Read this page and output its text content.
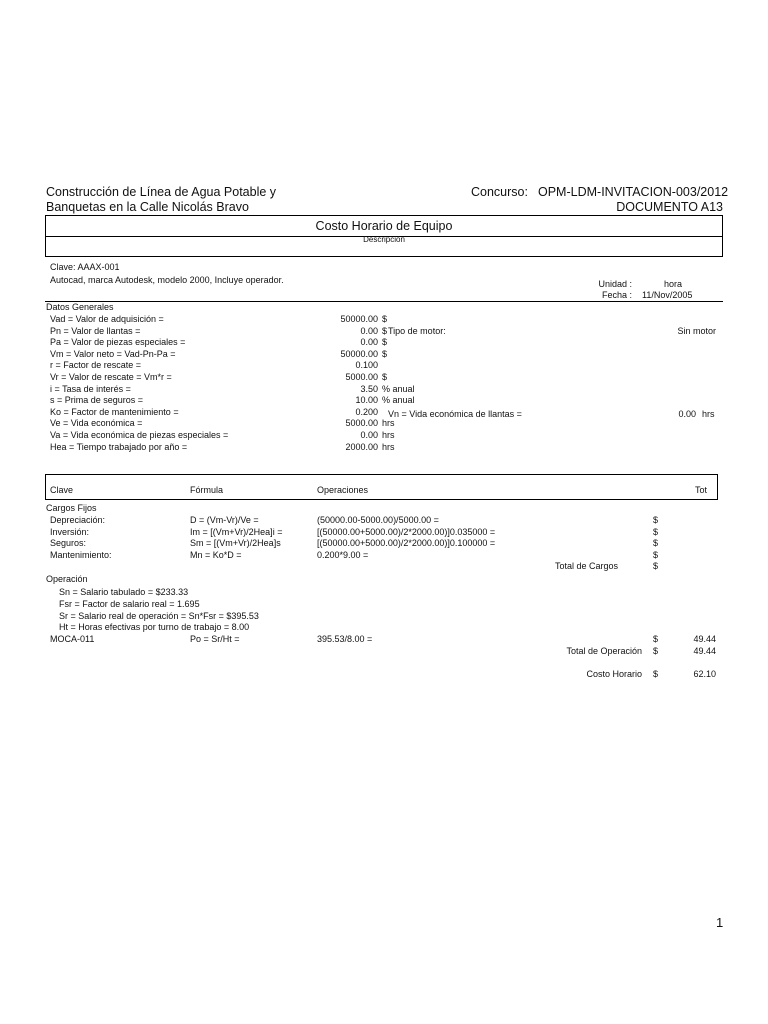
Construcción de Línea de Agua Potable y
Banquetas en la Calle Nicolás Bravo
Concurso: OPM-LDM-INVITACION-003/2012
DOCUMENTO A13
Costo Horario de Equipo
Descripción
Clave: AAAX-001
Autocad, marca Autodesk, modelo 2000, Incluye operador.	Unidad :	hora
Fecha : 11/Nov/2005
Datos Generales
Vad = Valor de adquisición =	50000.00 $
Pn = Valor de llantas =	0.00 $
Pa = Valor de piezas especiales =	0.00 $
Vm = Valor neto = Vad-Pn-Pa =	50000.00 $
r = Factor de rescate =	0.100
Vr = Valor de rescate = Vm*r =	5000.00 $
i = Tasa de interés =	3.50 % anual
s = Prima de seguros =	10.00 % anual
Ko = Factor de mantenimiento =	0.200
Ve = Vida económica =	5000.00 hrs
Va = Vida económica de piezas especiales =	0.00 hrs
Hea = Tiempo trabajado por año =	2000.00 hrs
Tipo de motor:	Sin motor
Vn = Vida económica de llantas =	0.00 hrs
Clave	Fórmula	Operaciones	Tot
Cargos Fijos
Depreciación:	D = (Vm-Vr)/Ve =	(50000.00-5000.00)/5000.00 =	$
Inversión:	Im = [(Vm+Vr)/2Hea]i =	[(50000.00+5000.00)/2*2000.00)]0.035000 =	$
Seguros:	Sm = [(Vm+Vr)/2Hea]s	[(50000.00+5000.00)/2*2000.00)]0.100000 =	$
Mantenimiento:	Mn = Ko*D =	0.200*9.00 =	$
Total de Cargos	$
Operación
Sn = Salario tabulado = $233.33
Fsr = Factor de salario real = 1.695
Sr = Salario real de operación = Sn*Fsr = $395.53
Ht = Horas efectivas por turno de trabajo = 8.00
MOCA-011	Po = Sr/Ht =	395.53/8.00 =	$	49.44
Total de Operación $	49.44
Costo Horario $	62.10
1
